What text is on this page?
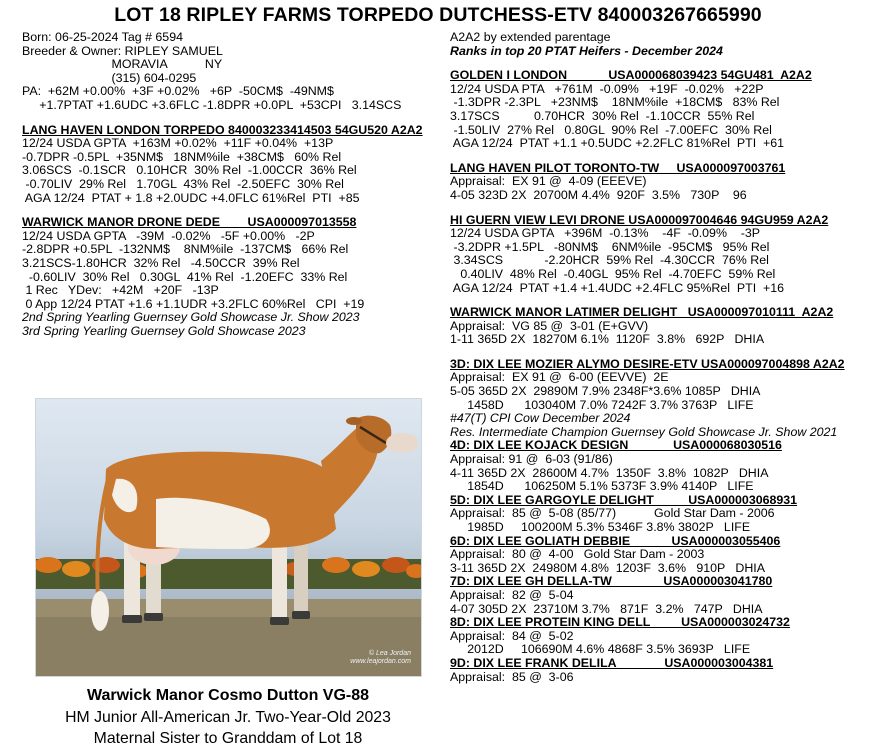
LOT 18 RIPLEY FARMS TORPEDO DUTCHESS-ETV 840003267665990
Born: 06-25-2024 Tag # 6594
Breeder & Owner: RIPLEY SAMUEL
MORAVIA           NY
(315) 604-0295
PA:  +62M +0.00%  +3F +0.02%   +6P  -50CM$  -49NM$
+1.7PTAT +1.6UDC +3.6FLC -1.8DPR +0.0PL  +53CPI   3.14SCS
LANG HAVEN LONDON TORPEDO 840003233414503 54GU520 A2A2
12/24 USDA GPTA  +163M +0.02%  +11F +0.04%  +13P
-0.7DPR -0.5PL  +35NM$   18NM%ile  +38CM$   60% Rel
3.06SCS  -0.1SCR   0.10HCR  30% Rel  -1.00CCR  36% Rel
-0.70LIV  29% Rel   1.70GL  43% Rel  -2.50EFC  30% Rel
AGA 12/24  PTAT + 1.8 +2.0UDC +4.0FLC 61%Rel  PTI  +85
WARWICK MANOR DRONE DEDE        USA000097013558
12/24 USDA GPTA   -39M  -0.02%   -5F +0.00%   -2P
-2.8DPR +0.5PL  -132NM$    8NM%ile  -137CM$   66% Rel
3.21SCS-1.80HCR  32% Rel   -4.50CCR  39% Rel
-0.60LIV  30% Rel   0.30GL  41% Rel  -1.20EFC  33% Rel
1 Rec   YDev:   +42M   +20F   -13P
0 App 12/24 PTAT +1.6 +1.1UDR +3.2FLC 60%Rel   CPI  +19
2nd Spring Yearling Guernsey Gold Showcase Jr. Show 2023
3rd Spring Yearling Guernsey Gold Showcase 2023
A2A2 by extended parentage
Ranks in top 20 PTAT Heifers - December 2024
GOLDEN I LONDON            USA000068039423 54GU481  A2A2
12/24 USDA PTA   +761M  -0.09%   +19F  -0.02%   +22P
-1.3DPR -2.3PL   +23NM$    18NM%ile  +18CM$   83% Rel
3.17SCS          0.70HCR  30% Rel  -1.10CCR  55% Rel
-1.50LIV  27% Rel   0.80GL  90% Rel  -7.00EFC  30% Rel
AGA 12/24  PTAT +1.1 +0.5UDC +2.2FLC 81%Rel  PTI  +61
LANG HAVEN PILOT TORONTO-TW     USA000097003761
Appraisal:  EX 91 @  4-09 (EEEVE)
4-05 323D 2X  20700M 4.4%  920F  3.5%   730P    96
HI GUERN VIEW LEVI DRONE USA000097004646 94GU959 A2A2
12/24 USDA GPTA   +396M  -0.13%    -4F  -0.09%    -3P
-3.2DPR +1.5PL   -80NM$    6NM%ile  -95CM$   95% Rel
3.34SCS            -2.20HCR  59% Rel  -4.30CCR  76% Rel
0.40LIV  48% Rel  -0.40GL  95% Rel  -4.70EFC  59% Rel
AGA 12/24  PTAT +1.4 +1.4UDC +2.4FLC 95%Rel  PTI  +16
WARWICK MANOR LATIMER DELIGHT   USA000097010111  A2A2
Appraisal:  VG 85 @  3-01 (E+GVV)
1-11 365D 2X  18270M 6.1%  1120F  3.8%   692P   DHIA
3D: DIX LEE MOZIER ALYMO DESIRE-ETV USA000097004898 A2A2
Appraisal:  EX 91 @  6-00 (EEVVE)  2E
5-05 365D 2X  29890M 7.9% 2348F*3.6% 1085P   DHIA
1458D      103040M 7.0% 7242F 3.7% 3763P   LIFE
#47(T) CPI Cow December 2024
Res. Intermediate Champion Guernsey Gold Showcase Jr. Show 2021
4D: DIX LEE KOJACK DESIGN             USA000068030516
Appraisal: 91 @  6-03 (91/86)
4-11 365D 2X  28600M 4.7%  1350F  3.8%  1082P   DHIA
1854D      106250M 5.1% 5373F 3.9% 4140P   LIFE
5D: DIX LEE GARGOYLE DELIGHT          USA000003068931
Appraisal:  85 @  5-08 (85/77)           Gold Star Dam - 2006
1985D     100200M 5.3% 5346F 3.8% 3802P   LIFE
6D: DIX LEE GOLIATH DEBBIE            USA000003055406
Appraisal:  80 @  4-00   Gold Star Dam - 2003
3-11 365D 2X  24980M 4.8%  1203F  3.6%   910P   DHIA
7D: DIX LEE GH DELLA-TW               USA000003041780
Appraisal:  82 @  5-04
4-07 305D 2X  23710M 3.7%   871F  3.2%   747P   DHIA
8D: DIX LEE PROTEIN KING DELL         USA000003024732
Appraisal:  84 @  5-02
2012D     106690M 4.6% 4868F 3.5% 3693P   LIFE
9D: DIX LEE FRANK DELILA              USA000003004381
Appraisal:  85 @  3-06
© Lea Jordan
www.leajordan.com
Warwick Manor Cosmo Dutton VG-88
HM Junior All-American Jr. Two-Year-Old 2023
Maternal Sister to Granddam of Lot 18
